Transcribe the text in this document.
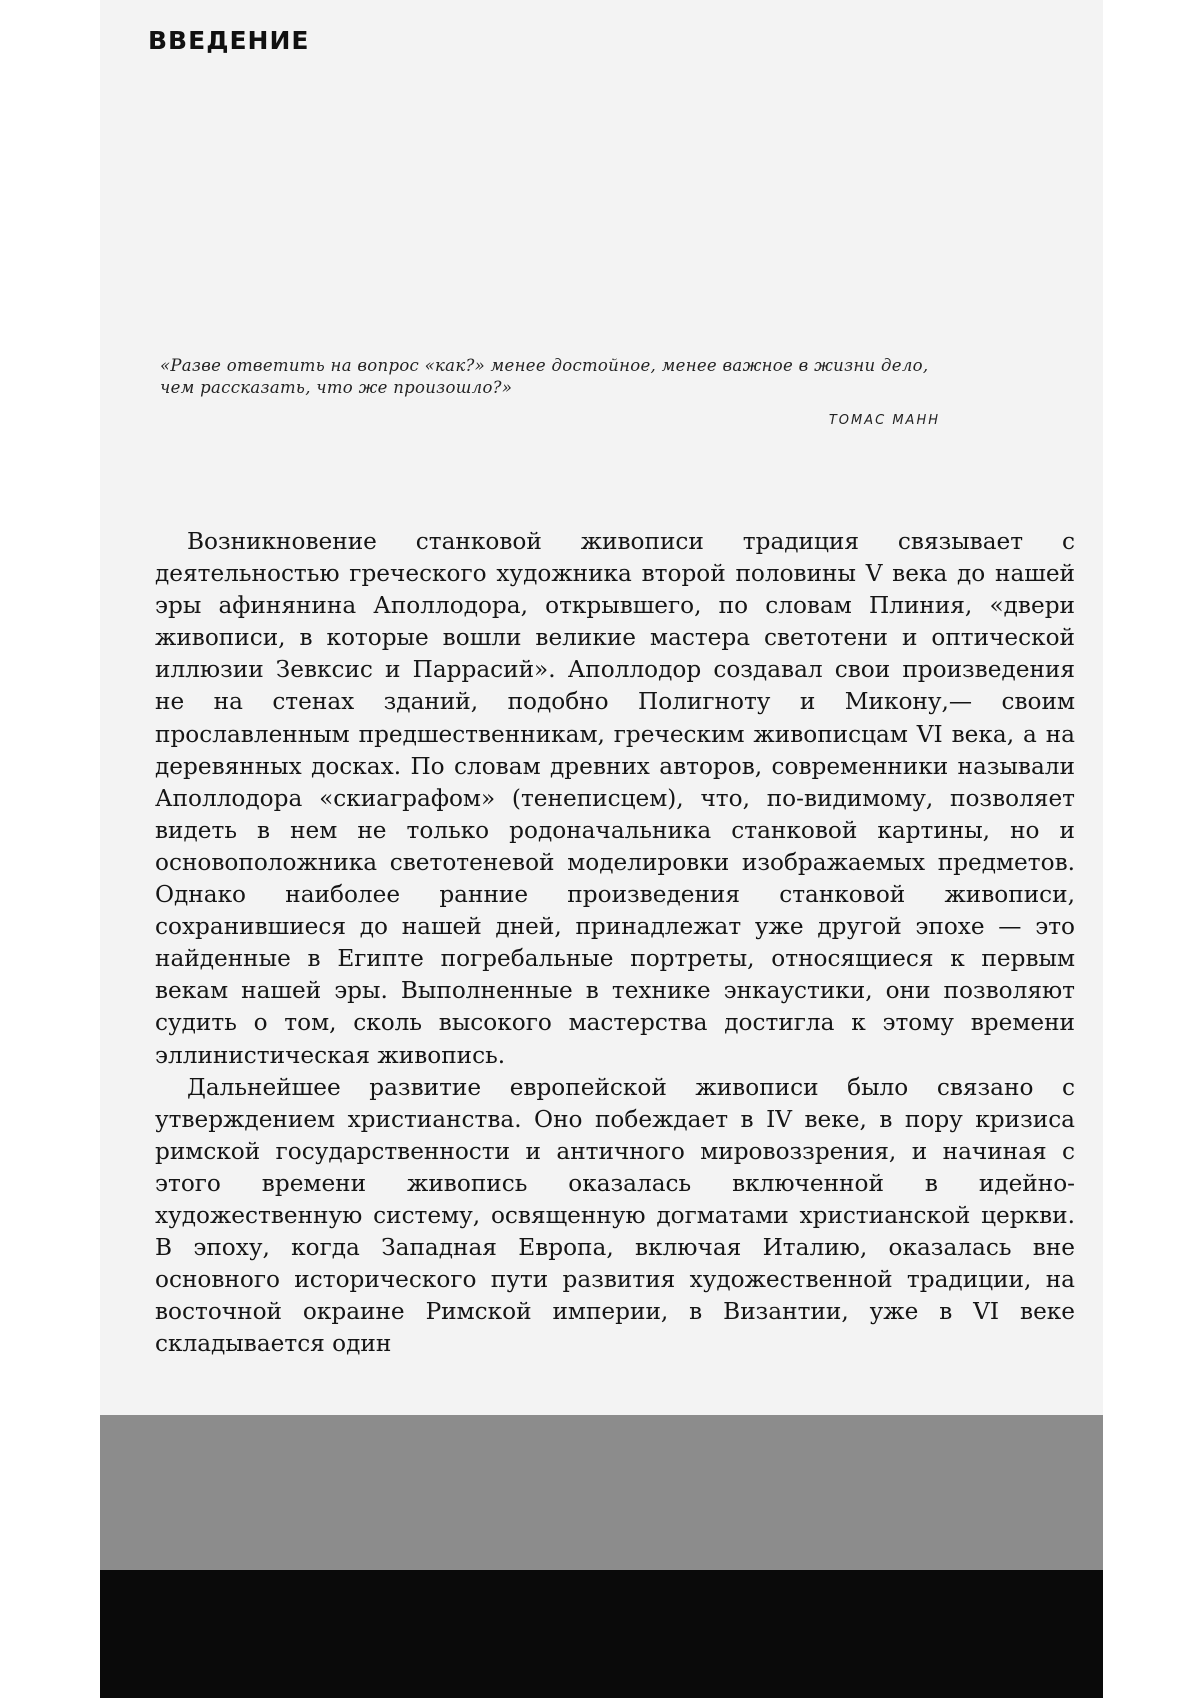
ВВЕДЕНИЕ

«Разве ответить на вопрос «как?» менее достойное, менее важное в жизни дело, чем рассказать, что же произошло?»

ТОМАС МАНН

Возникновение станковой живописи традиция связывает с деятельностью греческого художника второй половины V века до нашей эры афинянина Аполлодора, открывшего, по словам Плиния, «двери живописи, в которые вошли великие мастера светотени и оптической иллюзии Зевксис и Паррасий». Аполлодор создавал свои произведения не на стенах зданий, подобно Полигноту и Микону,— своим прославленным предшественникам, греческим живописцам VI века, а на деревянных досках. По словам древних авторов, современники называли Аполлодора «скиаграфом» (тенеписцем), что, по-видимому, позволяет видеть в нем не только родоначальника станковой картины, но и основоположника светотеневой моделировки изображаемых предметов. Однако наиболее ранние произведения станковой живописи, сохранившиеся до нашей дней, принадлежат уже другой эпохе — это найденные в Египте погребальные портреты, относящиеся к первым векам нашей эры. Выполненные в технике энкаустики, они позволяют судить о том, сколь высокого мастерства достигла к этому времени эллинистическая живопись.

Дальнейшее развитие европейской живописи было связано с утверждением христианства. Оно побеждает в IV веке, в пору кризиса римской государственности и античного мировоззрения, и начиная с этого времени живопись оказалась включенной в идейно-художественную систему, освященную догматами христианской церкви. В эпоху, когда Западная Европа, включая Италию, оказалась вне основного исторического пути развития художественной традиции, на восточной окраине Римской империи, в Византии, уже в VI веке складывается один
